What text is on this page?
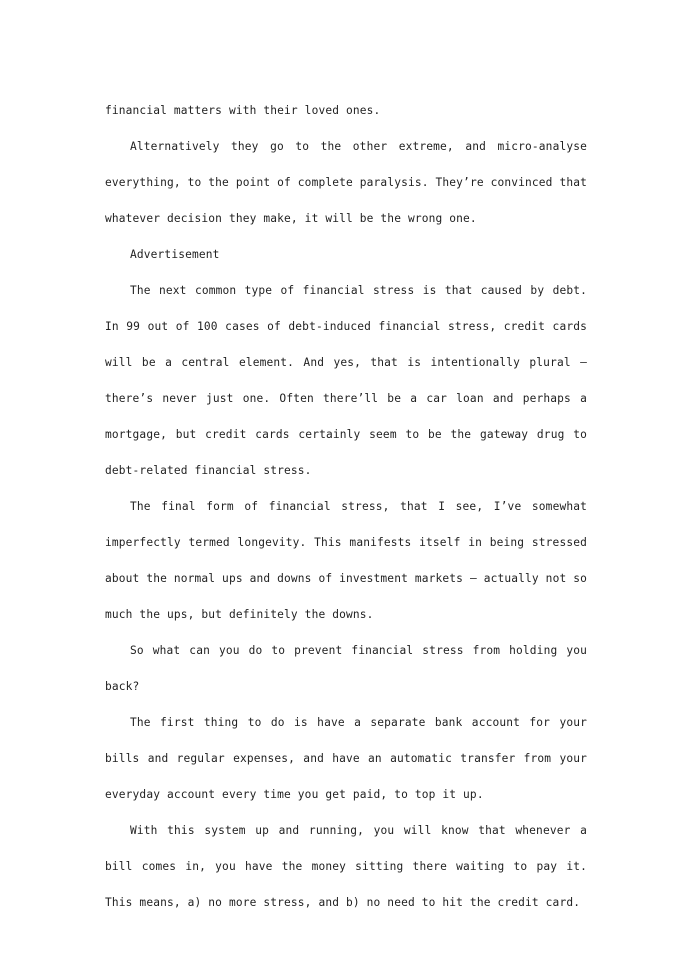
financial matters with their loved ones.

Alternatively they go to the other extreme, and micro-analyse everything, to the point of complete paralysis. They’re convinced that whatever decision they make, it will be the wrong one.

Advertisement

The next common type of financial stress is that caused by debt. In 99 out of 100 cases of debt-induced financial stress, credit cards will be a central element. And yes, that is intentionally plural – there’s never just one. Often there’ll be a car loan and perhaps a mortgage, but credit cards certainly seem to be the gateway drug to debt-related financial stress.

The final form of financial stress, that I see, I’ve somewhat imperfectly termed longevity. This manifests itself in being stressed about the normal ups and downs of investment markets – actually not so much the ups, but definitely the downs.

So what can you do to prevent financial stress from holding you back?

The first thing to do is have a separate bank account for your bills and regular expenses, and have an automatic transfer from your everyday account every time you get paid, to top it up.

With this system up and running, you will know that whenever a bill comes in, you have the money sitting there waiting to pay it. This means, a) no more stress, and b) no need to hit the credit card.
